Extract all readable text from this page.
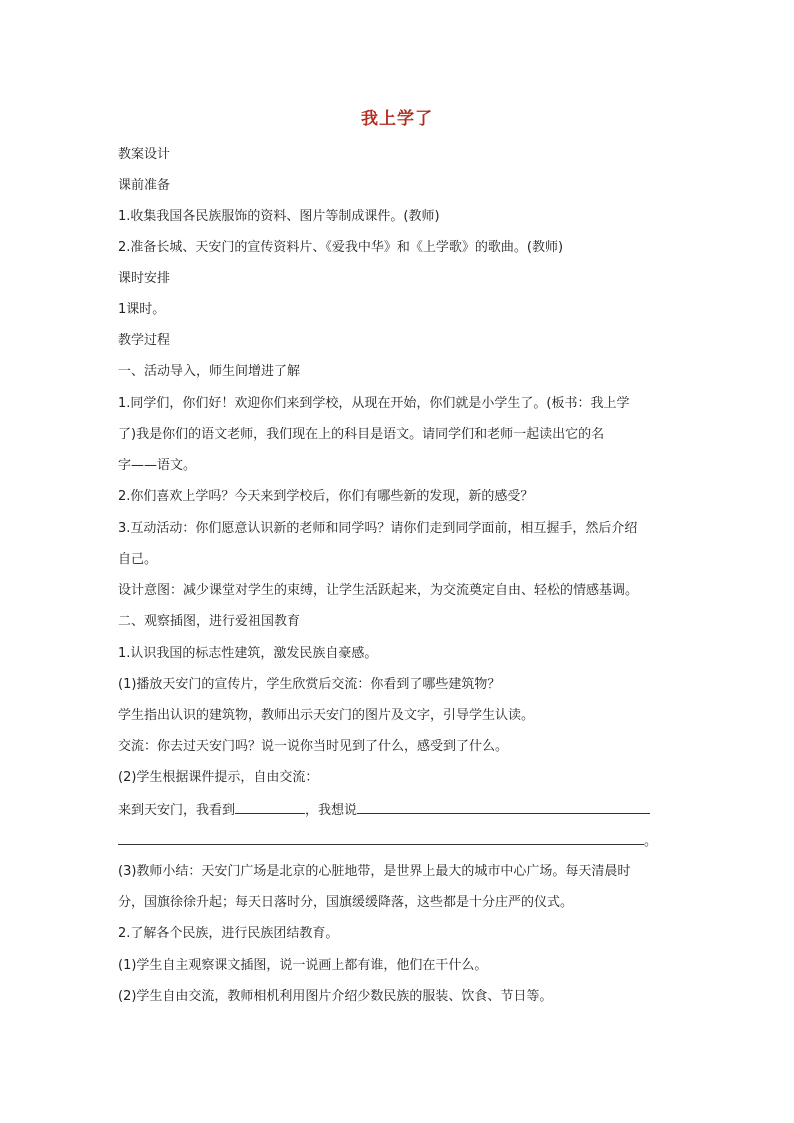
我上学了
教案设计
课前准备
1.收集我国各民族服饰的资料、图片等制成课件。(教师)
2.准备长城、天安门的宣传资料片、《爱我中华》和《上学歌》的歌曲。(教师)
课时安排
1课时。
教学过程
一、活动导入，师生间增进了解
1.同学们，你们好！欢迎你们来到学校，从现在开始，你们就是小学生了。(板书：我上学
了)我是你们的语文老师，我们现在上的科目是语文。请同学们和老师一起读出它的名
字——语文。
2.你们喜欢上学吗？今天来到学校后，你们有哪些新的发现，新的感受？
3.互动活动：你们愿意认识新的老师和同学吗？请你们走到同学面前，相互握手，然后介绍
自己。
设计意图：减少课堂对学生的束缚，让学生活跃起来，为交流奠定自由、轻松的情感基调。
二、观察插图，进行爱祖国教育
1.认识我国的标志性建筑，激发民族自豪感。
(1)播放天安门的宣传片，学生欣赏后交流：你看到了哪些建筑物？
学生指出认识的建筑物，教师出示天安门的图片及文字，引导学生认读。
交流：你去过天安门吗？说一说你当时见到了什么，感受到了什么。
(2)学生根据课件提示，自由交流：
来到天安门，我看到	，我想说
。
(3)教师小结：天安门广场是北京的心脏地带，是世界上最大的城市中心广场。每天清晨时
分，国旗徐徐升起；每天日落时分，国旗缓缓降落，这些都是十分庄严的仪式。
2.了解各个民族，进行民族团结教育。
(1)学生自主观察课文插图，说一说画上都有谁，他们在干什么。
(2)学生自由交流，教师相机利用图片介绍少数民族的服装、饮食、节日等。
